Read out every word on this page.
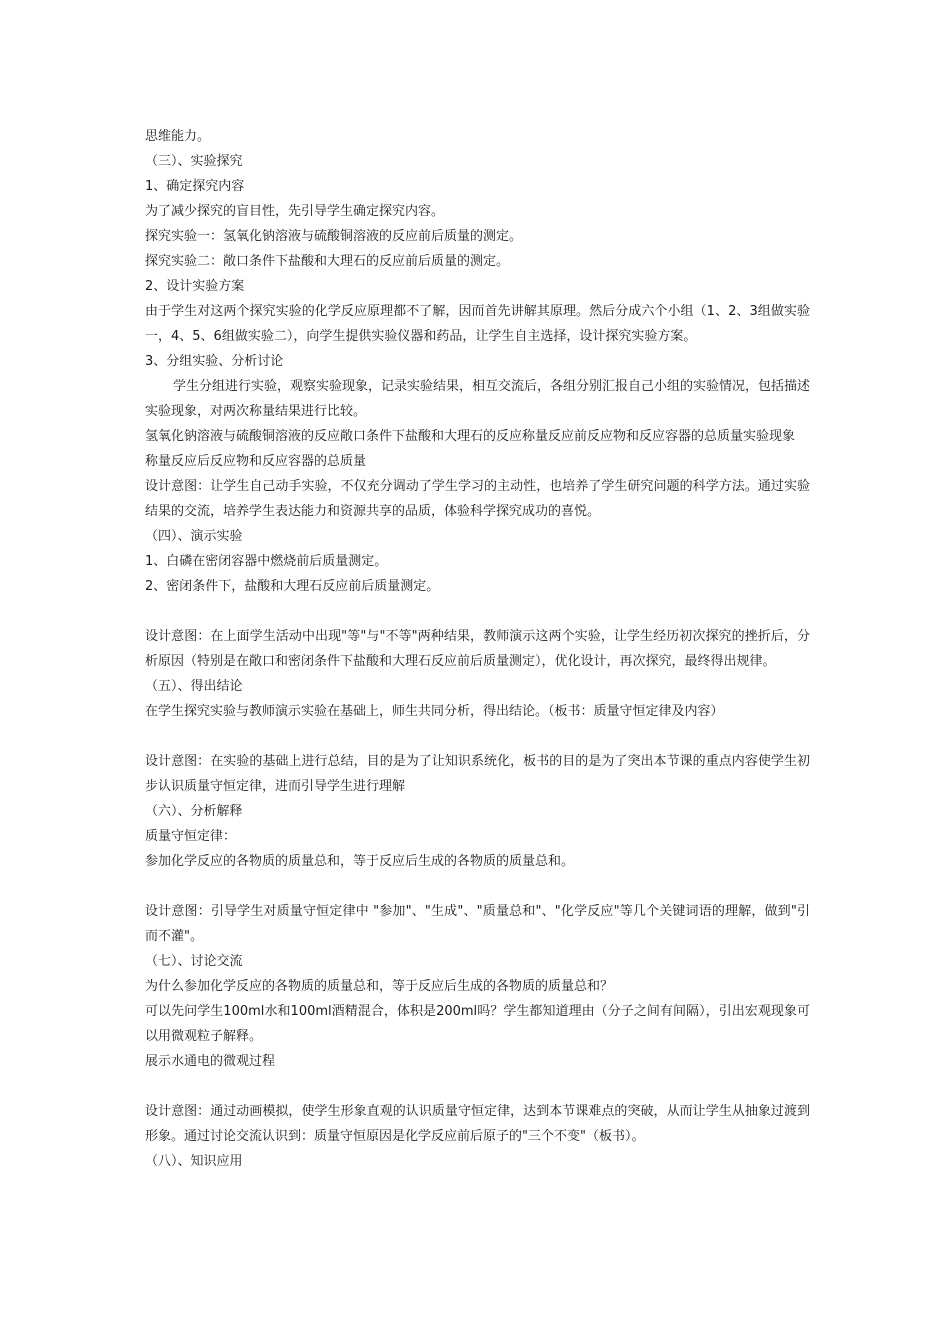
思维能力。

（三）、实验探究

1、确定探究内容

为了减少探究的盲目性，先引导学生确定探究内容。

探究实验一：氢氧化钠溶液与硫酸铜溶液的反应前后质量的测定。

探究实验二：敞口条件下盐酸和大理石的反应前后质量的测定。

2、设计实验方案

由于学生对这两个探究实验的化学反应原理都不了解，因而首先讲解其原理。然后分成六个小组（1、2、3组做实验一，4、5、6组做实验二），向学生提供实验仪器和药品，让学生自主选择，设计探究实验方案。

3、分组实验、分析讨论

学生分组进行实验，观察实验现象，记录实验结果，相互交流后，各组分别汇报自己小组的实验情况，包括描述实验现象，对两次称量结果进行比较。

氢氧化钠溶液与硫酸铜溶液的反应敞口条件下盐酸和大理石的反应称量反应前反应物和反应容器的总质量实验现象

称量反应后反应物和反应容器的总质量

设计意图：让学生自己动手实验，不仅充分调动了学生学习的主动性，也培养了学生研究问题的科学方法。通过实验结果的交流，培养学生表达能力和资源共享的品质，体验科学探究成功的喜悦。

（四）、演示实验

1、白磷在密闭容器中燃烧前后质量测定。

2、密闭条件下，盐酸和大理石反应前后质量测定。

设计意图：在上面学生活动中出现"等"与"不等"两种结果，教师演示这两个实验，让学生经历初次探究的挫折后，分析原因（特别是在敞口和密闭条件下盐酸和大理石反应前后质量测定），优化设计，再次探究，最终得出规律。

（五）、得出结论

在学生探究实验与教师演示实验在基础上，师生共同分析，得出结论。（板书：质量守恒定律及内容）

设计意图：在实验的基础上进行总结，目的是为了让知识系统化，板书的目的是为了突出本节课的重点内容使学生初步认识质量守恒定律，进而引导学生进行理解

（六）、分析解释

质量守恒定律：

参加化学反应的各物质的质量总和，等于反应后生成的各物质的质量总和。

设计意图：引导学生对质量守恒定律中 "参加"、"生成"、"质量总和"、"化学反应"等几个关键词语的理解，做到"引而不灌"。

（七）、讨论交流

为什么参加化学反应的各物质的质量总和，等于反应后生成的各物质的质量总和？

可以先问学生100ml水和100ml酒精混合，体积是200ml吗？学生都知道理由（分子之间有间隔），引出宏观现象可以用微观粒子解释。

展示水通电的微观过程

设计意图：通过动画模拟，使学生形象直观的认识质量守恒定律，达到本节课难点的突破，从而让学生从抽象过渡到形象。通过讨论交流认识到：质量守恒原因是化学反应前后原子的"三个不变"（板书）。

（八）、知识应用
